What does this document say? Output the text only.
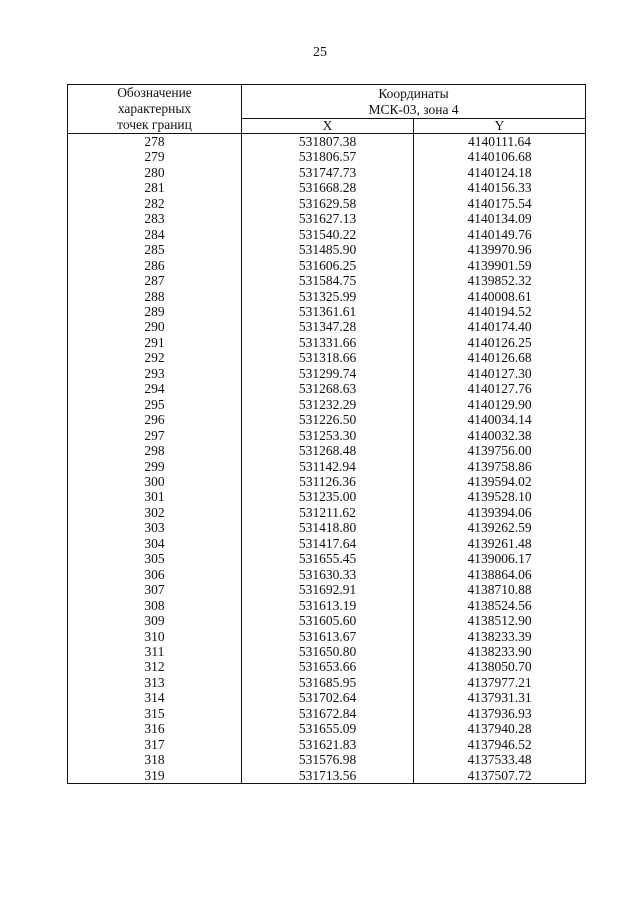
25
Обозначение
характерных
точек границ	Координаты
МСК-03, зона 4	

	X	Y
278	531807.38	4140111.64
279	531806.57	4140106.68
280	531747.73	4140124.18
281	531668.28	4140156.33
282	531629.58	4140175.54
283	531627.13	4140134.09
284	531540.22	4140149.76
285	531485.90	4139970.96
286	531606.25	4139901.59
287	531584.75	4139852.32
288	531325.99	4140008.61
289	531361.61	4140194.52
290	531347.28	4140174.40
291	531331.66	4140126.25
292	531318.66	4140126.68
293	531299.74	4140127.30
294	531268.63	4140127.76
295	531232.29	4140129.90
296	531226.50	4140034.14
297	531253.30	4140032.38
298	531268.48	4139756.00
299	531142.94	4139758.86
300	531126.36	4139594.02
301	531235.00	4139528.10
302	531211.62	4139394.06
303	531418.80	4139262.59
304	531417.64	4139261.48
305	531655.45	4139006.17
306	531630.33	4138864.06
307	531692.91	4138710.88
308	531613.19	4138524.56
309	531605.60	4138512.90
310	531613.67	4138233.39
311	531650.80	4138233.90
312	531653.66	4138050.70
313	531685.95	4137977.21
314	531702.64	4137931.31
315	531672.84	4137936.93
316	531655.09	4137940.28
317	531621.83	4137946.52
318	531576.98	4137533.48
319	531713.56	4137507.72
